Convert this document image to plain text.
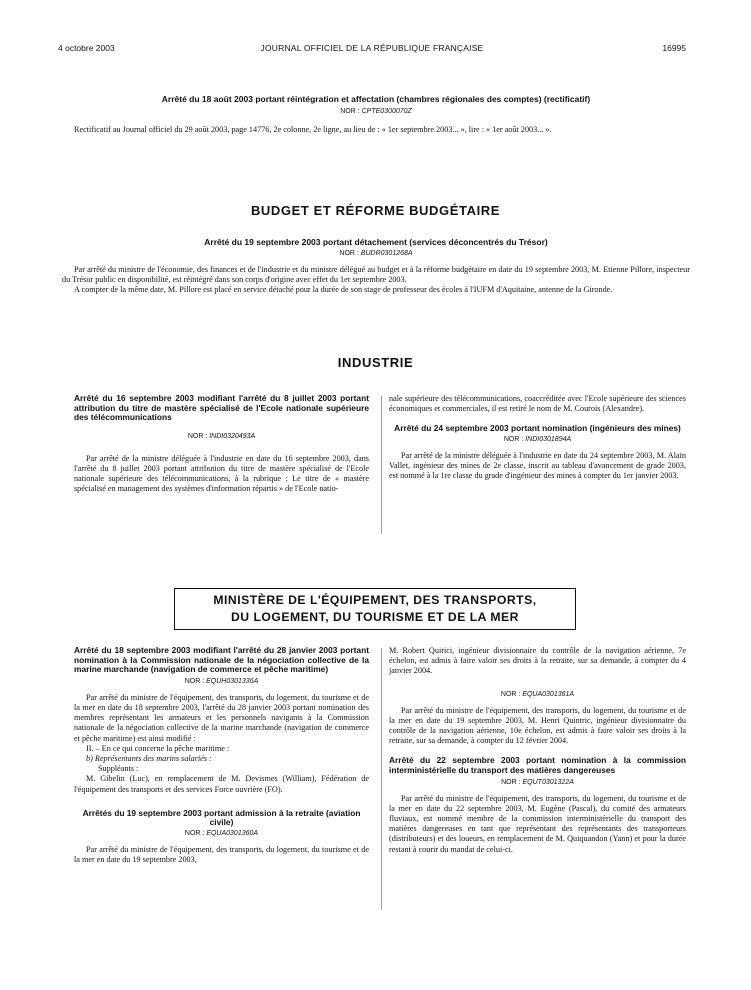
4 octobre 2003	JOURNAL OFFICIEL DE LA RÉPUBLIQUE FRANÇAISE	16995
Arrêté du 18 août 2003 portant réintégration et affectation (chambres régionales des comptes) (rectificatif)
NOR : CPTE0300070Z

Rectificatif au Journal officiel du 29 août 2003, page 14776, 2e colonne, 2e ligne, au lieu de : « 1er septembre 2003... », lire : « 1er août 2003... ».

BUDGET ET RÉFORME BUDGÉTAIRE
Arrêté du 19 septembre 2003 portant détachement (services déconcentrés du Trésor)
NOR : BUDR0301268A

Par arrêté du ministre de l'économie, des finances et de l'industrie et du ministre délégué au budget et à la réforme budgétaire en date du 19 septembre 2003, M. Etienne Pillore, inspecteur du Trésor public en disponibilité, est réintégré dans son corps d'origine avec effet du 1er septembre 2003.

A compter de la même date, M. Pillore est placé en service détaché pour la durée de son stage de professeur des écoles à l'IUFM d'Aquitaine, antenne de la Gironde.

INDUSTRIE

Arrêté du 16 septembre 2003 modifiant l'arrêté du 8 juillet 2003 portant attribution du titre de mastère spécialisé de l'Ecole nationale supérieure des télécommunications

NOR : INDI0320493A

Par arrêté de la ministre déléguée à l'industrie en date du 16 septembre 2003, dans l'arrêté du 8 juillet 2003 portant attribution du titre de mastère spécialisé de l'Ecole nationale supérieure des télécommunications, à la rubrique : Le titre de « mastère spécialisé en management des systèmes d'information répartis » de l'Ecole natio-

nale supérieure des télécommunications, coaccréditée avec l'Ecole supérieure des sciences économiques et commerciales, il est retiré le nom de M. Courois (Alexandre).

Arrêté du 24 septembre 2003 portant nomination (ingénieurs des mines)

NOR : INDI0301894A

Par arrêté de la ministre déléguée à l'industrie en date du 24 septembre 2003, M. Alain Vallet, ingénieur des mines de 2e classe, inscrit au tableau d'avancement de grade 2003, est nommé à la 1re classe du grade d'ingénieur des mines à compter du 1er janvier 2003.

MINISTÈRE DE L'ÉQUIPEMENT, DES TRANSPORTS,
DU LOGEMENT, DU TOURISME ET DE LA MER

Arrêté du 18 septembre 2003 modifiant l'arrêté du 28 janvier 2003 portant nomination à la Commission nationale de la négociation collective de la marine marchande (navigation de commerce et pêche maritime)

NOR : EQUH0301336A

Par arrêté du ministre de l'équipement, des transports, du logement, du tourisme et de la mer en date du 18 septembre 2003, l'arrêté du 28 janvier 2003 portant nomination des membres représentant les armateurs et les personnels navigants à la Commission nationale de la négociation collective de la marine marchande (navigation de commerce et pêche maritime) est ainsi modifié :

II. – En ce qui concerne la pêche maritime :

b) Représentants des marins salariés :

Suppléants :

M. Gibelin (Luc), en remplacement de M. Devismes (William), Fédération de l'équipement des transports et des services Force ouvrière (FO).

Arrêtés du 19 septembre 2003 portant admission à la retraite (aviation civile)

NOR : EQUA0301360A

Par arrêté du ministre de l'équipement, des transports, du logement, du tourisme et de la mer en date du 19 septembre 2003,

M. Robert Quirici, ingénieur divisionnaire du contrôle de la navigation aérienne, 7e échelon, est admis à faire valoir ses droits à la retraite, sur sa demande, à compter du 4 janvier 2004.

NOR : EQUA0301361A

Par arrêté du ministre de l'équipement, des transports, du logement, du tourisme et de la mer en date du 19 septembre 2003, M. Henri Quintric, ingénieur divisionnaire du contrôle de la navigation aérienne, 10e échelon, est admis à faire valoir ses droits à la retraite, sur sa demande, à compter du 12 février 2004.

Arrêté du 22 septembre 2003 portant nomination à la commission interministérielle du transport des matières dangereuses

NOR : EQUT0301322A

Par arrêté du ministre de l'équipement, des transports, du logement, du tourisme et de la mer en date du 22 septembre 2003, M. Eugène (Pascal), du comité des armateurs fluviaux, est nommé membre de la commission interministérielle du transport des matières dangereuses en tant que représentant des représentants des transporteurs (distributeurs) et des loueurs, en remplacement de M. Quiquandon (Yann) et pour la durée restant à courir du mandat de celui-ci.
